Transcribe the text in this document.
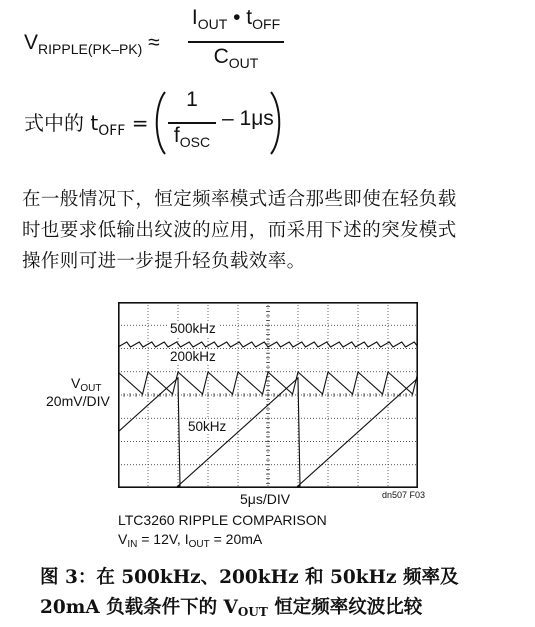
$V_{RIPPLE(PK-PK)}$ ≈
$I_{OUT}$ • $t_{OFF}$
$C_{OUT}$
式中的 $t_{OFF}$ =
1
$f_{OSC}$
– 1μs
在一般情况下，恒定频率模式适合那些即使在轻负载
时也要求低输出纹波的应用，而采用下述的突发模式
操作则可进一步提升轻负载效率。
500kHz
200kHz
50kHz
$V_{OUT}$
20mV/DIV
5μs/DIV	dn507 F03
LTC3260 RIPPLE COMPARISON
$V_{IN} = 12V$, $I_{OUT} = 20mA$
图 3：在 500kHz、200kHz 和 50kHz 频率及
20mA 负载条件下的 VOUT 恒定频率纹波比较
